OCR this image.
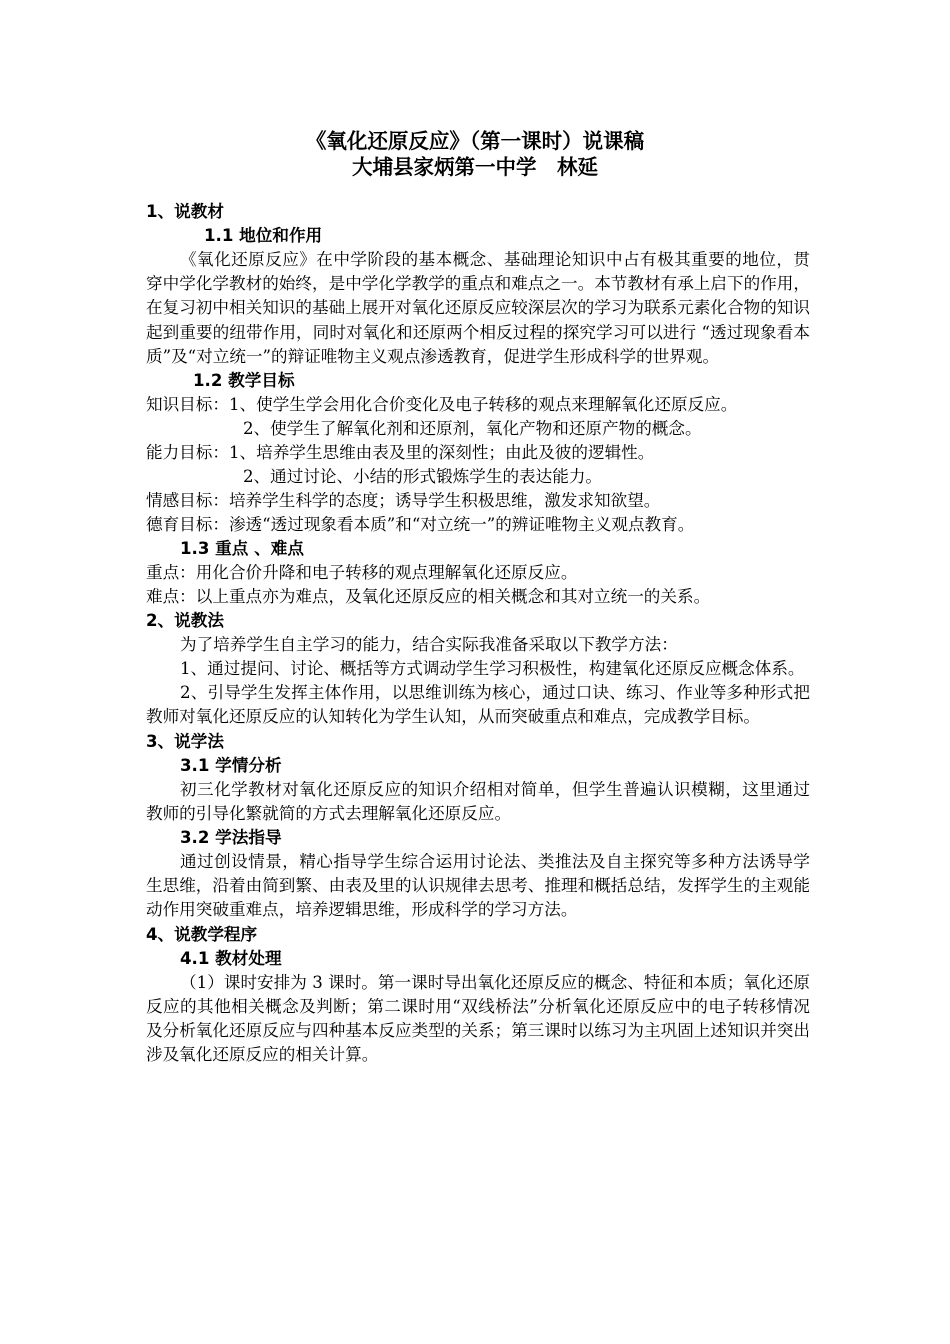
《氧化还原反应》（第一课时）说课稿
大埔县家炳第一中学　林延
1、说教材
1.1 地位和作用
《氧化还原反应》在中学阶段的基本概念、基础理论知识中占有极其重要的地位，贯穿中学化学教材的始终，是中学化学教学的重点和难点之一。本节教材有承上启下的作用，在复习初中相关知识的基础上展开对氧化还原反应较深层次的学习为联系元素化合物的知识起到重要的纽带作用，同时对氧化和还原两个相反过程的探究学习可以进行 “透过现象看本质”及“对立统一”的辩证唯物主义观点渗透教育，促进学生形成科学的世界观。
1.2 教学目标
知识目标：1、使学生学会用化合价变化及电子转移的观点来理解氧化还原反应。
2、使学生了解氧化剂和还原剂，氧化产物和还原产物的概念。
能力目标：1、培养学生思维由表及里的深刻性；由此及彼的逻辑性。
2、通过讨论、小结的形式锻炼学生的表达能力。
情感目标：培养学生科学的态度；诱导学生积极思维，激发求知欲望。
德育目标：渗透“透过现象看本质”和“对立统一”的辨证唯物主义观点教育。
1.3 重点 、难点
重点：用化合价升降和电子转移的观点理解氧化还原反应。
难点：以上重点亦为难点，及氧化还原反应的相关概念和其对立统一的关系。
2、说教法
为了培养学生自主学习的能力，结合实际我准备采取以下教学方法：
1、通过提问、讨论、概括等方式调动学生学习积极性，构建氧化还原反应概念体系。
2、引导学生发挥主体作用，以思维训练为核心，通过口诀、练习、作业等多种形式把教师对氧化还原反应的认知转化为学生认知，从而突破重点和难点，完成教学目标。
3、说学法
3.1 学情分析
初三化学教材对氧化还原反应的知识介绍相对简单，但学生普遍认识模糊，这里通过教师的引导化繁就简的方式去理解氧化还原反应。
3.2 学法指导
通过创设情景，精心指导学生综合运用讨论法、类推法及自主探究等多种方法诱导学生思维，沿着由简到繁、由表及里的认识规律去思考、推理和概括总结，发挥学生的主观能动作用突破重难点，培养逻辑思维，形成科学的学习方法。
4、说教学程序
4.1 教材处理
（1）课时安排为 3 课时。第一课时导出氧化还原反应的概念、特征和本质；氧化还原反应的其他相关概念及判断；第二课时用“双线桥法”分析氧化还原反应中的电子转移情况及分析氧化还原反应与四种基本反应类型的关系；第三课时以练习为主巩固上述知识并突出涉及氧化还原反应的相关计算。
